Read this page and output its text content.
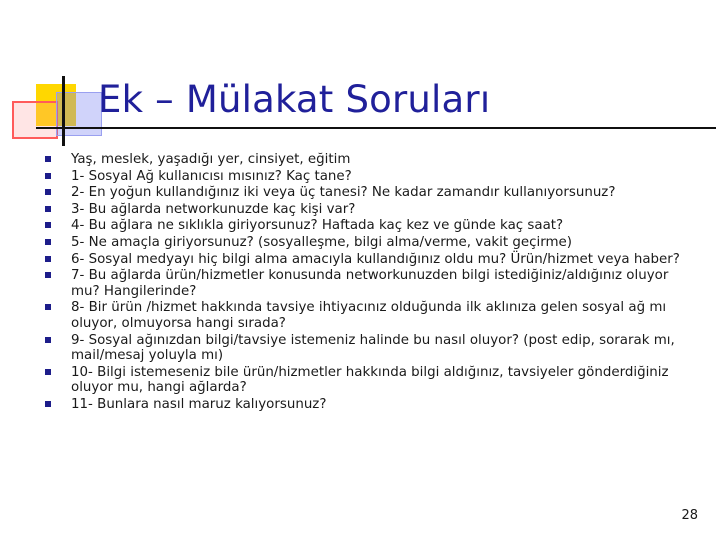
Ek – Mülakat Soruları
Yaş, meslek, yaşadığı yer, cinsiyet, eğitim
1- Sosyal Ağ kullanıcısı mısınız? Kaç tane?
2- En yoğun kullandığınız iki veya üç tanesi? Ne kadar zamandır kullanıyorsunuz?
3- Bu ağlarda networkunuzde kaç kişi var?
4- Bu ağlara ne sıklıkla giriyorsunuz? Haftada kaç kez ve günde kaç saat?
5- Ne amaçla giriyorsunuz? (sosyalleşme, bilgi alma/verme, vakit geçirme)
6- Sosyal medyayı hiç bilgi alma amacıyla kullandığınız oldu mu? Ürün/hizmet veya haber?
7- Bu ağlarda ürün/hizmetler konusunda networkunuzden bilgi istediğiniz/aldığınız oluyor mu? Hangilerinde?
8- Bir ürün /hizmet hakkında tavsiye ihtiyacınız olduğunda ilk aklınıza gelen sosyal ağ mı oluyor, olmuyorsa hangi sırada?
9- Sosyal ağınızdan bilgi/tavsiye istemeniz halinde bu nasıl oluyor? (post edip, sorarak mı, mail/mesaj yoluyla mı)
10- Bilgi istemeseniz bile ürün/hizmetler hakkında bilgi aldığınız, tavsiyeler gönderdiğiniz oluyor mu, hangi ağlarda?
11- Bunlara nasıl maruz kalıyorsunuz?
28
